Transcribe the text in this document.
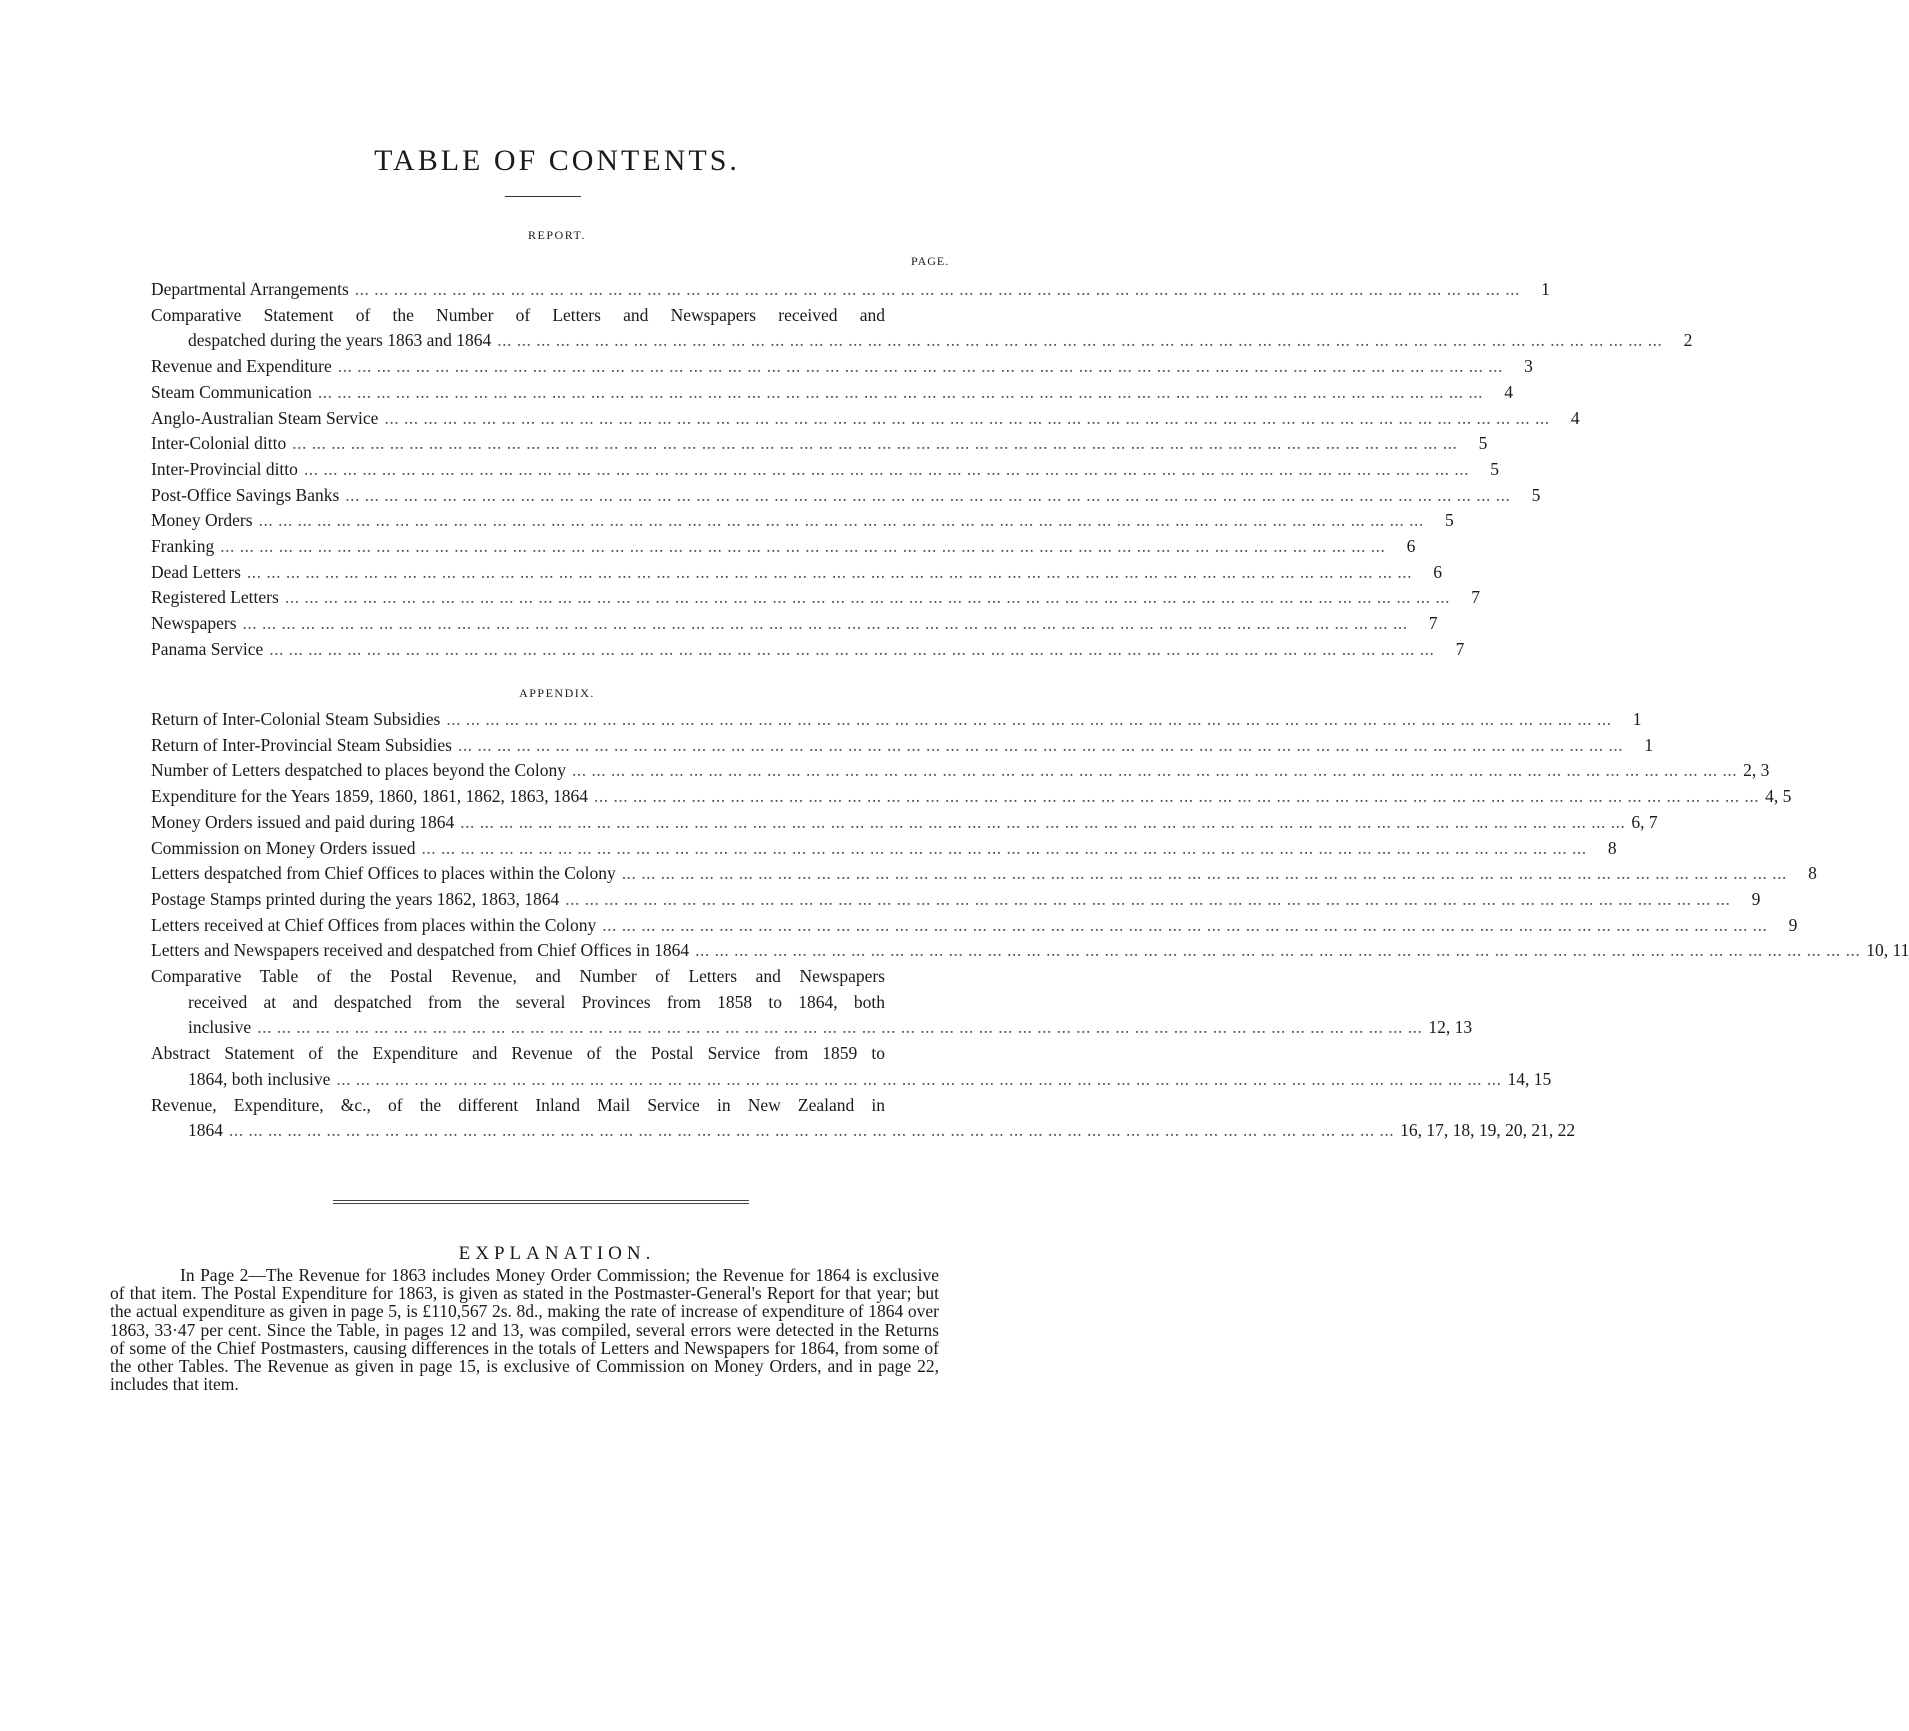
TABLE OF CONTENTS.
REPORT.
PAGE.
Departmental Arrangements ... ... ... ... ... ... ... ... ... ... ... ... ... ... ... ... ... ... ... ... ... ... ... ... ... ... ... ... ... ... ... ... ... ... ... ... ... ... ... ... ... ... ... ... ... ... ... ... ... ... ... ... ... ... ... ... ... ... ... ...	1
Comparative Statement of the Number of Letters and Newspapers received and
despatched during the years 1863 and 1864 ... ... ... ... ... ... ... ... ... ... ... ... ... ... ... ... ... ... ... ... ... ... ... ... ... ... ... ... ... ... ... ... ... ... ... ... ... ... ... ... ... ... ... ... ... ... ... ... ... ... ... ... ... ... ... ... ... ... ... ...	2
Revenue and Expenditure ... ... ... ... ... ... ... ... ... ... ... ... ... ... ... ... ... ... ... ... ... ... ... ... ... ... ... ... ... ... ... ... ... ... ... ... ... ... ... ... ... ... ... ... ... ... ... ... ... ... ... ... ... ... ... ... ... ... ... ...	3
Steam Communication ... ... ... ... ... ... ... ... ... ... ... ... ... ... ... ... ... ... ... ... ... ... ... ... ... ... ... ... ... ... ... ... ... ... ... ... ... ... ... ... ... ... ... ... ... ... ... ... ... ... ... ... ... ... ... ... ... ... ... ...	4
Anglo-Australian Steam Service ... ... ... ... ... ... ... ... ... ... ... ... ... ... ... ... ... ... ... ... ... ... ... ... ... ... ... ... ... ... ... ... ... ... ... ... ... ... ... ... ... ... ... ... ... ... ... ... ... ... ... ... ... ... ... ... ... ... ... ...	4
Inter-Colonial ditto ... ... ... ... ... ... ... ... ... ... ... ... ... ... ... ... ... ... ... ... ... ... ... ... ... ... ... ... ... ... ... ... ... ... ... ... ... ... ... ... ... ... ... ... ... ... ... ... ... ... ... ... ... ... ... ... ... ... ... ...	5
Inter-Provincial ditto ... ... ... ... ... ... ... ... ... ... ... ... ... ... ... ... ... ... ... ... ... ... ... ... ... ... ... ... ... ... ... ... ... ... ... ... ... ... ... ... ... ... ... ... ... ... ... ... ... ... ... ... ... ... ... ... ... ... ... ...	5
Post-Office Savings Banks ... ... ... ... ... ... ... ... ... ... ... ... ... ... ... ... ... ... ... ... ... ... ... ... ... ... ... ... ... ... ... ... ... ... ... ... ... ... ... ... ... ... ... ... ... ... ... ... ... ... ... ... ... ... ... ... ... ... ... ...	5
Money Orders ... ... ... ... ... ... ... ... ... ... ... ... ... ... ... ... ... ... ... ... ... ... ... ... ... ... ... ... ... ... ... ... ... ... ... ... ... ... ... ... ... ... ... ... ... ... ... ... ... ... ... ... ... ... ... ... ... ... ... ...	5
Franking ... ... ... ... ... ... ... ... ... ... ... ... ... ... ... ... ... ... ... ... ... ... ... ... ... ... ... ... ... ... ... ... ... ... ... ... ... ... ... ... ... ... ... ... ... ... ... ... ... ... ... ... ... ... ... ... ... ... ... ...	6
Dead Letters ... ... ... ... ... ... ... ... ... ... ... ... ... ... ... ... ... ... ... ... ... ... ... ... ... ... ... ... ... ... ... ... ... ... ... ... ... ... ... ... ... ... ... ... ... ... ... ... ... ... ... ... ... ... ... ... ... ... ... ...	6
Registered Letters ... ... ... ... ... ... ... ... ... ... ... ... ... ... ... ... ... ... ... ... ... ... ... ... ... ... ... ... ... ... ... ... ... ... ... ... ... ... ... ... ... ... ... ... ... ... ... ... ... ... ... ... ... ... ... ... ... ... ... ...	7
Newspapers ... ... ... ... ... ... ... ... ... ... ... ... ... ... ... ... ... ... ... ... ... ... ... ... ... ... ... ... ... ... ... ... ... ... ... ... ... ... ... ... ... ... ... ... ... ... ... ... ... ... ... ... ... ... ... ... ... ... ... ...	7
Panama Service ... ... ... ... ... ... ... ... ... ... ... ... ... ... ... ... ... ... ... ... ... ... ... ... ... ... ... ... ... ... ... ... ... ... ... ... ... ... ... ... ... ... ... ... ... ... ... ... ... ... ... ... ... ... ... ... ... ... ... ...	7
APPENDIX.
Return of Inter-Colonial Steam Subsidies ... ... ... ... ... ... ... ... ... ... ... ... ... ... ... ... ... ... ... ... ... ... ... ... ... ... ... ... ... ... ... ... ... ... ... ... ... ... ... ... ... ... ... ... ... ... ... ... ... ... ... ... ... ... ... ... ... ... ... ...	1
Return of Inter-Provincial Steam Subsidies ... ... ... ... ... ... ... ... ... ... ... ... ... ... ... ... ... ... ... ... ... ... ... ... ... ... ... ... ... ... ... ... ... ... ... ... ... ... ... ... ... ... ... ... ... ... ... ... ... ... ... ... ... ... ... ... ... ... ... ...	1
Number of Letters despatched to places beyond the Colony ... ... ... ... ... ... ... ... ... ... ... ... ... ... ... ... ... ... ... ... ... ... ... ... ... ... ... ... ... ... ... ... ... ... ... ... ... ... ... ... ... ... ... ... ... ... ... ... ... ... ... ... ... ... ... ... ... ... ... ... 2, 3
Expenditure for the Years 1859, 1860, 1861, 1862, 1863, 1864 ... ... ... ... ... ... ... ... ... ... ... ... ... ... ... ... ... ... ... ... ... ... ... ... ... ... ... ... ... ... ... ... ... ... ... ... ... ... ... ... ... ... ... ... ... ... ... ... ... ... ... ... ... ... ... ... ... ... ... ... 4, 5
Money Orders issued and paid during 1864 ... ... ... ... ... ... ... ... ... ... ... ... ... ... ... ... ... ... ... ... ... ... ... ... ... ... ... ... ... ... ... ... ... ... ... ... ... ... ... ... ... ... ... ... ... ... ... ... ... ... ... ... ... ... ... ... ... ... ... ... 6, 7
Commission on Money Orders issued ... ... ... ... ... ... ... ... ... ... ... ... ... ... ... ... ... ... ... ... ... ... ... ... ... ... ... ... ... ... ... ... ... ... ... ... ... ... ... ... ... ... ... ... ... ... ... ... ... ... ... ... ... ... ... ... ... ... ... ...	8
Letters despatched from Chief Offices to places within the Colony ... ... ... ... ... ... ... ... ... ... ... ... ... ... ... ... ... ... ... ... ... ... ... ... ... ... ... ... ... ... ... ... ... ... ... ... ... ... ... ... ... ... ... ... ... ... ... ... ... ... ... ... ... ... ... ... ... ... ... ...	8
Postage Stamps printed during the years 1862, 1863, 1864 ... ... ... ... ... ... ... ... ... ... ... ... ... ... ... ... ... ... ... ... ... ... ... ... ... ... ... ... ... ... ... ... ... ... ... ... ... ... ... ... ... ... ... ... ... ... ... ... ... ... ... ... ... ... ... ... ... ... ... ...	9
Letters received at Chief Offices from places within the Colony ... ... ... ... ... ... ... ... ... ... ... ... ... ... ... ... ... ... ... ... ... ... ... ... ... ... ... ... ... ... ... ... ... ... ... ... ... ... ... ... ... ... ... ... ... ... ... ... ... ... ... ... ... ... ... ... ... ... ... ...	9
Letters and Newspapers received and despatched from Chief Offices in 1864 ... ... ... ... ... ... ... ... ... ... ... ... ... ... ... ... ... ... ... ... ... ... ... ... ... ... ... ... ... ... ... ... ... ... ... ... ... ... ... ... ... ... ... ... ... ... ... ... ... ... ... ... ... ... ... ... ... ... ... ... 10, 11
Comparative Table of the Postal Revenue, and Number of Letters and Newspapers
received at and despatched from the several Provinces from 1858 to 1864, both
inclusive ... ... ... ... ... ... ... ... ... ... ... ... ... ... ... ... ... ... ... ... ... ... ... ... ... ... ... ... ... ... ... ... ... ... ... ... ... ... ... ... ... ... ... ... ... ... ... ... ... ... ... ... ... ... ... ... ... ... ... ... 12, 13
Abstract Statement of the Expenditure and Revenue of the Postal Service from 1859 to
1864, both inclusive ... ... ... ... ... ... ... ... ... ... ... ... ... ... ... ... ... ... ... ... ... ... ... ... ... ... ... ... ... ... ... ... ... ... ... ... ... ... ... ... ... ... ... ... ... ... ... ... ... ... ... ... ... ... ... ... ... ... ... ... 14, 15
Revenue, Expenditure, &c., of the different Inland Mail Service in New Zealand in
1864 ... ... ... ... ... ... ... ... ... ... ... ... ... ... ... ... ... ... ... ... ... ... ... ... ... ... ... ... ... ... ... ... ... ... ... ... ... ... ... ... ... ... ... ... ... ... ... ... ... ... ... ... ... ... ... ... ... ... ... ... 16, 17, 18, 19, 20, 21, 22
EXPLANATION.
In Page 2—The Revenue for 1863 includes Money Order Commission; the Revenue for 1864 is exclusive of that item. The Postal Expenditure for 1863, is given as stated in the Postmaster-General's Report for that year; but the actual expenditure as given in page 5, is £110,567 2s. 8d., making the rate of increase of expenditure of 1864 over 1863, 33·47 per cent. Since the Table, in pages 12 and 13, was compiled, several errors were detected in the Returns of some of the Chief Postmasters, causing differences in the totals of Letters and Newspapers for 1864, from some of the other Tables. The Revenue as given in page 15, is exclusive of Commission on Money Orders, and in page 22, includes that item.
